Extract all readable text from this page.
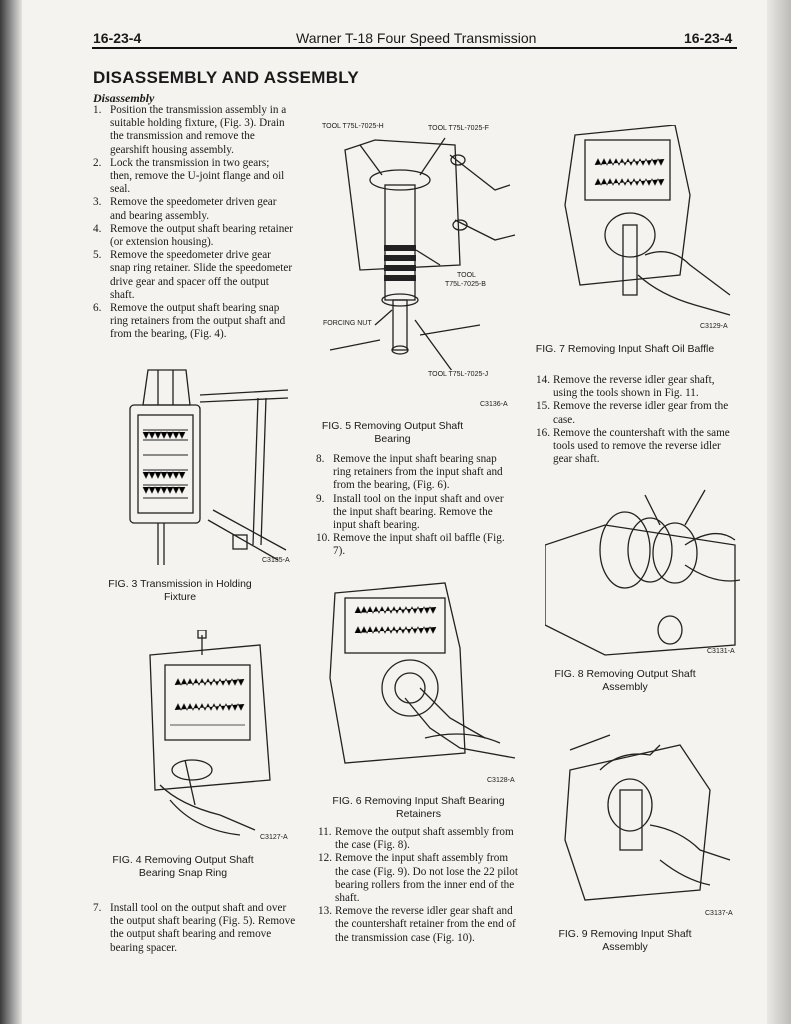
16-23-4	Warner T-18 Four Speed Transmission	16-23-4
DISASSEMBLY AND ASSEMBLY
Disassembly
1. Position the transmission assembly in a suitable holding fixture, (Fig. 3). Drain the transmission and remove the gearshift housing assembly.
2. Lock the transmission in two gears; then, remove the U-joint flange and oil seal.
3. Remove the speedometer driven gear and bearing assembly.
4. Remove the output shaft bearing retainer (or extension housing).
5. Remove the speedometer drive gear snap ring retainer. Slide the speedometer drive gear and spacer off the output shaft.
6. Remove the output shaft bearing snap ring retainers from the output shaft and from the bearing, (Fig. 4).
C3135-A
FIG. 3 Transmission in Holding Fixture
C3127-A
FIG. 4 Removing Output Shaft Bearing Snap Ring
7. Install tool on the output shaft and over the output shaft bearing (Fig. 5). Remove the output shaft bearing and remove bearing spacer.
TOOL T75L-7025-H	TOOL T75L-7025-F
TOOL
T75L-7025-B
FORCING NUT
TOOL T75L-7025-J
C3136-A
FIG. 5 Removing Output Shaft Bearing
8. Remove the input shaft bearing snap ring retainers from the input shaft and from the bearing, (Fig. 6).
9. Install tool on the input shaft and over the input shaft bearing. Remove the input shaft bearing.
10. Remove the input shaft oil baffle (Fig. 7).
C3128-A
FIG. 6 Removing Input Shaft Bearing Retainers
11. Remove the output shaft assembly from the case (Fig. 8).
12. Remove the input shaft assembly from the case (Fig. 9). Do not lose the 22 pilot bearing rollers from the inner end of the shaft.
13. Remove the reverse idler gear shaft and the countershaft retainer from the end of the transmission case (Fig. 10).
C3129-A
FIG. 7 Removing Input Shaft Oil Baffle
14. Remove the reverse idler gear shaft, using the tools shown in Fig. 11.
15. Remove the reverse idler gear from the case.
16. Remove the countershaft with the same tools used to remove the reverse idler gear shaft.
C3131-A
FIG. 8 Removing Output Shaft Assembly
C3137-A
FIG. 9 Removing Input Shaft Assembly
